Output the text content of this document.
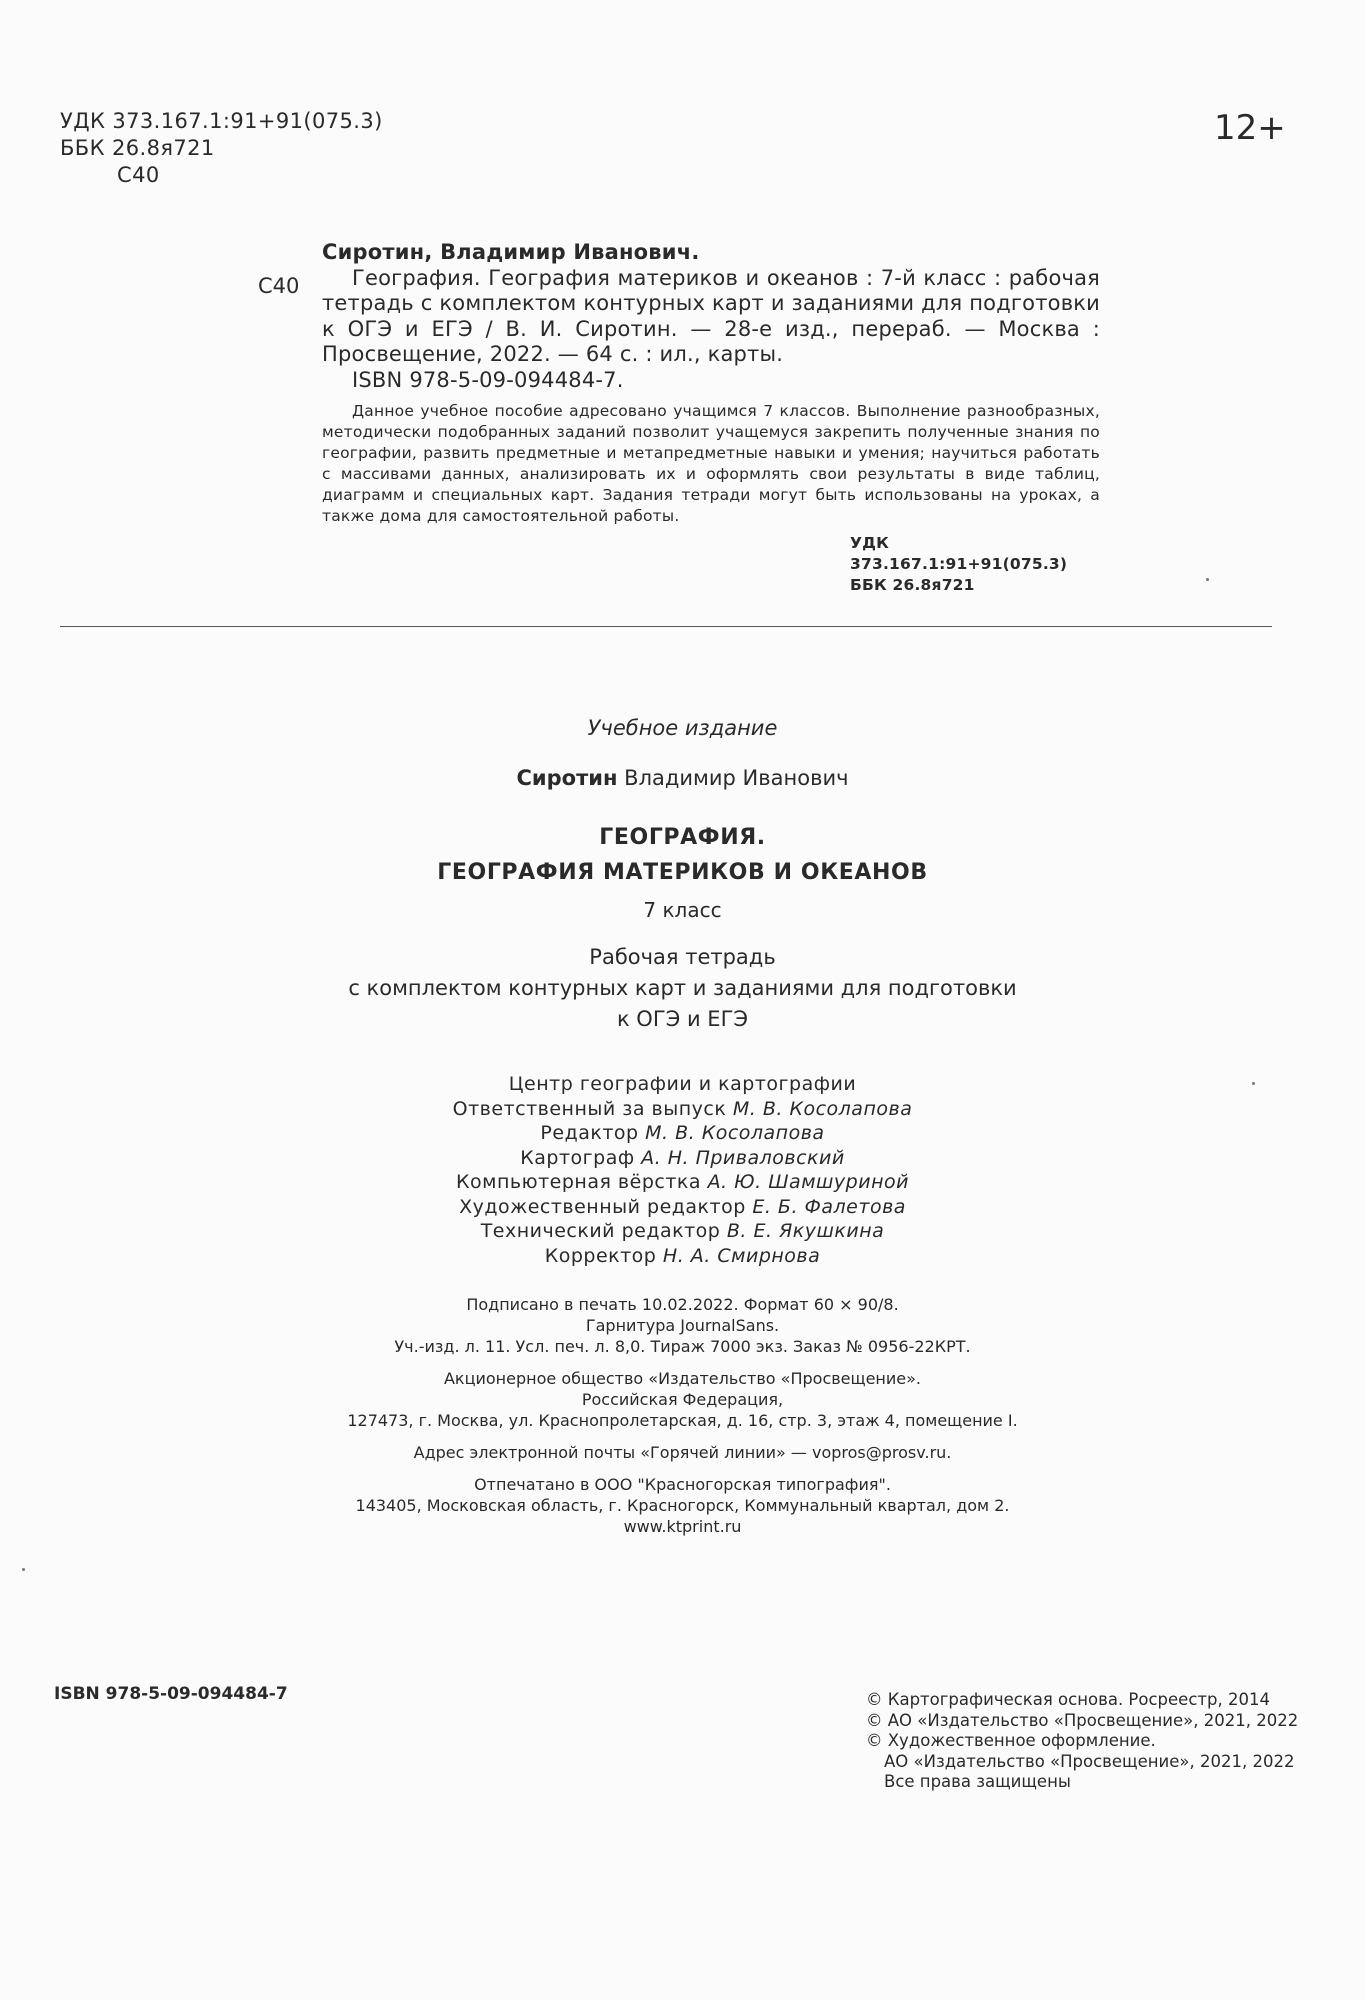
УДК 373.167.1:91+91(075.3)
ББК 26.8я721
С40
12+
С40
Сиротин, Владимир Иванович.
География. География материков и океанов : 7-й класс : рабочая тетрадь с комплектом контурных карт и заданиями для подготовки к ОГЭ и ЕГЭ / В. И. Сиротин. — 28-е изд., перераб. — Москва : Просвещение, 2022. — 64 с. : ил., карты.
ISBN 978-5-09-094484-7.
Данное учебное пособие адресовано учащимся 7 классов. Выполнение разнообразных, методически подобранных заданий позволит учащемуся закрепить полученные знания по географии, развить предметные и метапредметные навыки и умения; научиться работать с массивами данных, анализировать их и оформлять свои результаты в виде таблиц, диаграмм и специальных карт. Задания тетради могут быть использованы на уроках, а также дома для самостоятельной работы.
УДК 373.167.1:91+91(075.3)
ББК 26.8я721
Учебное издание
Сиротин Владимир Иванович
ГЕОГРАФИЯ.
ГЕОГРАФИЯ МАТЕРИКОВ И ОКЕАНОВ
7 класс
Рабочая тетрадь
с комплектом контурных карт и заданиями для подготовки
к ОГЭ и ЕГЭ
Центр географии и картографии
Ответственный за выпуск М. В. Косолапова
Редактор М. В. Косолапова
Картограф А. Н. Приваловский
Компьютерная вёрстка А. Ю. Шамшуриной
Художественный редактор Е. Б. Фалетова
Технический редактор В. Е. Якушкина
Корректор Н. А. Смирнова
Подписано в печать 10.02.2022. Формат 60 × 90/8.
Гарнитура JournalSans.
Уч.-изд. л. 11. Усл. печ. л. 8,0. Тираж 7000 экз. Заказ № 0956-22КРТ.
Акционерное общество «Издательство «Просвещение».
Российская Федерация,
127473, г. Москва, ул. Краснопролетарская, д. 16, стр. 3, этаж 4, помещение I.
Адрес электронной почты «Горячей линии» — vopros@prosv.ru.
Отпечатано в ООО "Красногорская типография".
143405, Московская область, г. Красногорск, Коммунальный квартал, дом 2.
www.ktprint.ru
ISBN 978-5-09-094484-7	© Картографическая основа. Росреестр, 2014
© АО «Издательство «Просвещение», 2021, 2022
© Художественное оформление.
АО «Издательство «Просвещение», 2021, 2022
Все права защищены
